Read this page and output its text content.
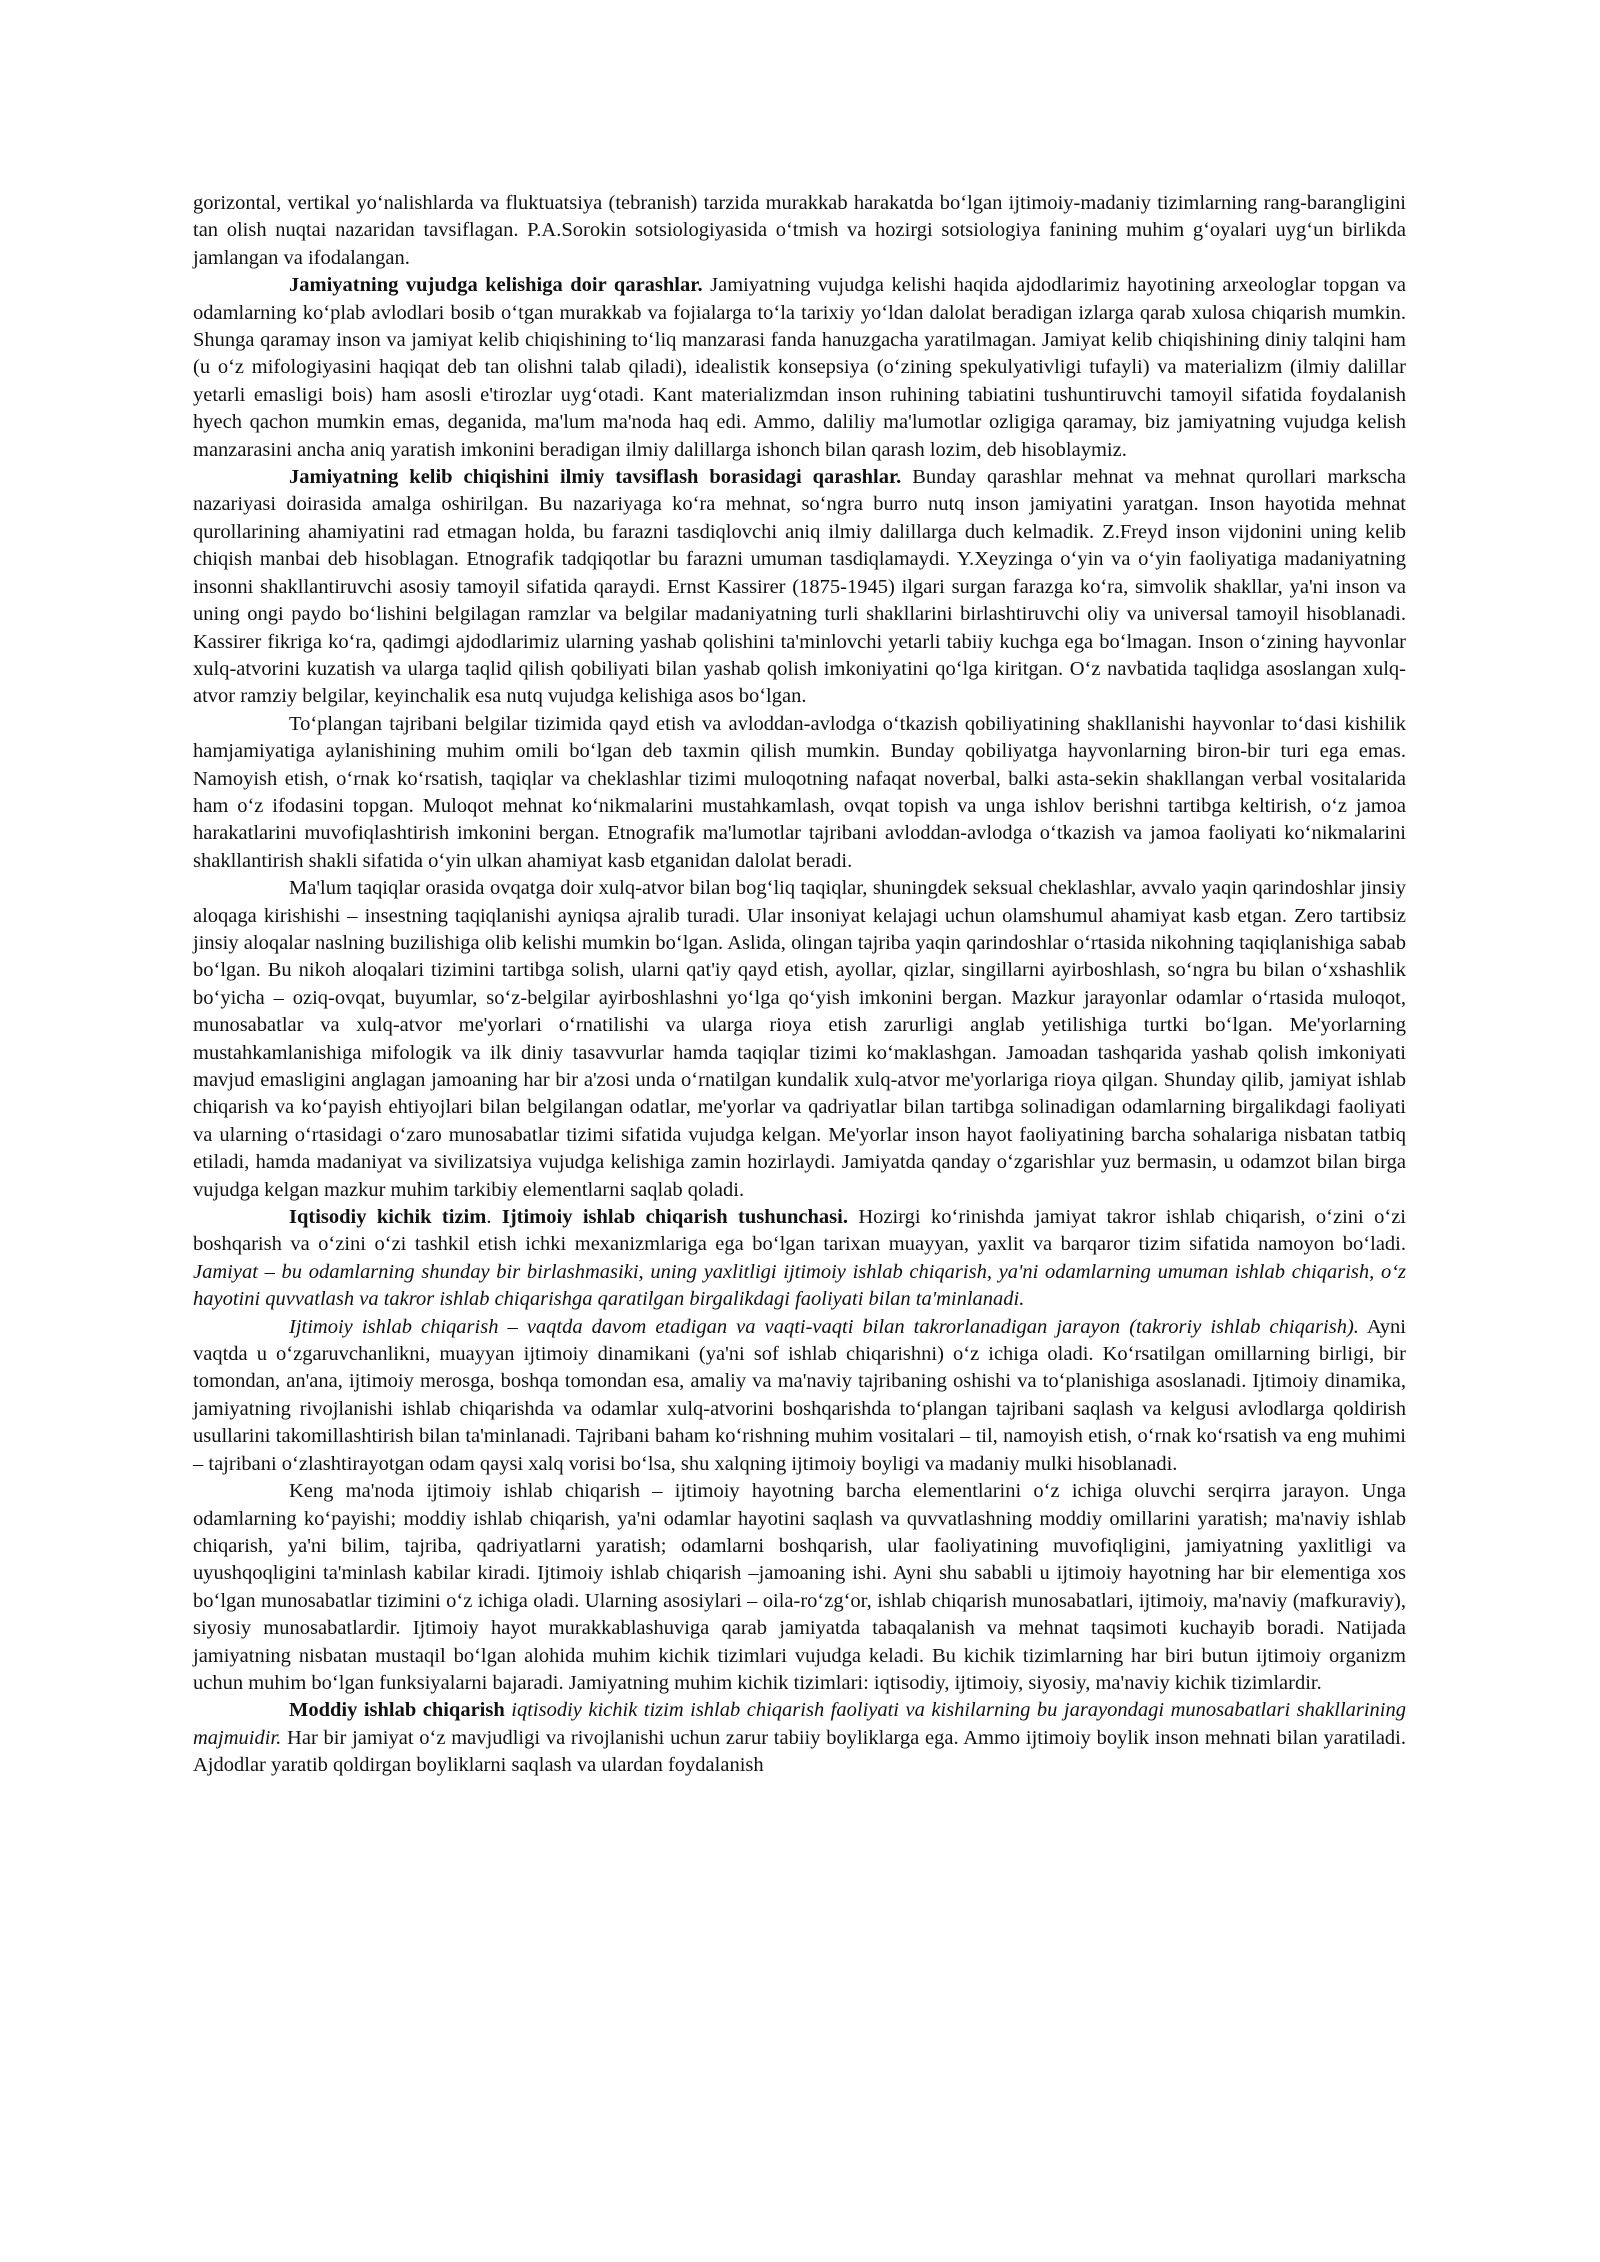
gorizontal, vertikal yo‘nalishlarda va fluktuatsiya (tebranish) tarzida murakkab harakatda bo‘lgan ijtimoiy-madaniy tizimlarning rang-barangligini tan olish nuqtai nazaridan tavsiflagan. P.A.Sorokin sotsiologiyasida o‘tmish va hozirgi sotsiologiya fanining muhim g‘oyalari uyg‘un birlikda jamlangan va ifodalangan.

Jamiyatning vujudga kelishiga doir qarashlar. Jamiyatning vujudga kelishi haqida ajdodlarimiz hayotining arxeologlar topgan va odamlarning ko‘plab avlodlari bosib o‘tgan murakkab va fojialarga to‘la tarixiy yo‘ldan dalolat beradigan izlarga qarab xulosa chiqarish mumkin. Shunga qaramay inson va jamiyat kelib chiqishining to‘liq manzarasi fanda hanuzgacha yaratilmagan. Jamiyat kelib chiqishining diniy talqini ham (u o‘z mifologiyasini haqiqat deb tan olishni talab qiladi), idealistik konsepsiya (o‘zining spekulyativligi tufayli) va materializm (ilmiy dalillar yetarli emasligi bois) ham asosli e'tirozlar uyg‘otadi. Kant materializmdan inson ruhining tabiatini tushuntiruvchi tamoyil sifatida foydalanish hyech qachon mumkin emas, deganida, ma'lum ma'noda haq edi. Ammo, daliliy ma'lumotlar ozligiga qaramay, biz jamiyatning vujudga kelish manzarasini ancha aniq yaratish imkonini beradigan ilmiy dalillarga ishonch bilan qarash lozim, deb hisoblaymiz.

Jamiyatning kelib chiqishini ilmiy tavsiflash borasidagi qarashlar. Bunday qarashlar mehnat va mehnat qurollari markscha nazariyasi doirasida amalga oshirilgan. Bu nazariyaga ko‘ra mehnat, so‘ngra burro nutq inson jamiyatini yaratgan. Inson hayotida mehnat qurollarining ahamiyatini rad etmagan holda, bu farazni tasdiqlovchi aniq ilmiy dalillarga duch kelmadik. Z.Freyd inson vijdonini uning kelib chiqish manbai deb hisoblagan. Etnografik tadqiqotlar bu farazni umuman tasdiqlamaydi. Y.Xeyzinga o‘yin va o‘yin faoliyatiga madaniyatning insonni shakllantiruvchi asosiy tamoyil sifatida qaraydi. Ernst Kassirer (1875-1945) ilgari surgan farazga ko‘ra, simvolik shakllar, ya'ni inson va uning ongi paydo bo‘lishini belgilagan ramzlar va belgilar madaniyatning turli shakllarini birlashtiruvchi oliy va universal tamoyil hisoblanadi. Kassirer fikriga ko‘ra, qadimgi ajdodlarimiz ularning yashab qolishini ta'minlovchi yetarli tabiiy kuchga ega bo‘lmagan. Inson o‘zining hayvonlar xulq-atvorini kuzatish va ularga taqlid qilish qobiliyati bilan yashab qolish imkoniyatini qo‘lga kiritgan. O‘z navbatida taqlidga asoslangan xulq-atvor ramziy belgilar, keyinchalik esa nutq vujudga kelishiga asos bo‘lgan.

To‘plangan tajribani belgilar tizimida qayd etish va avloddan-avlodga o‘tkazish qobiliyatining shakllanishi hayvonlar to‘dasi kishilik hamjamiyatiga aylanishining muhim omili bo‘lgan deb taxmin qilish mumkin. Bunday qobiliyatga hayvonlarning biron-bir turi ega emas. Namoyish etish, o‘rnak ko‘rsatish, taqiqlar va cheklashlar tizimi muloqotning nafaqat noverbal, balki asta-sekin shakllangan verbal vositalarida ham o‘z ifodasini topgan. Muloqot mehnat ko‘nikmalarini mustahkamlash, ovqat topish va unga ishlov berishni tartibga keltirish, o‘z jamoa harakatlarini muvofiqlashtirish imkonini bergan. Etnografik ma'lumotlar tajribani avloddan-avlodga o‘tkazish va jamoa faoliyati ko‘nikmalarini shakllantirish shakli sifatida o‘yin ulkan ahamiyat kasb etganidan dalolat beradi.

Ma'lum taqiqlar orasida ovqatga doir xulq-atvor bilan bog‘liq taqiqlar, shuningdek seksual cheklashlar, avvalo yaqin qarindoshlar jinsiy aloqaga kirishishi – insestning taqiqlanishi ayniqsa ajralib turadi. Ular insoniyat kelajagi uchun olamshumul ahamiyat kasb etgan. Zero tartibsiz jinsiy aloqalar naslning buzilishiga olib kelishi mumkin bo‘lgan. Aslida, olingan tajriba yaqin qarindoshlar o‘rtasida nikohning taqiqlanishiga sabab bo‘lgan. Bu nikoh aloqalari tizimini tartibga solish, ularni qat'iy qayd etish, ayollar, qizlar, singillarni ayirboshlash, so‘ngra bu bilan o‘xshashlik bo‘yicha – oziq-ovqat, buyumlar, so‘z-belgilar ayirboshlashni yo‘lga qo‘yish imkonini bergan. Mazkur jarayonlar odamlar o‘rtasida muloqot, munosabatlar va xulq-atvor me'yorlari o‘rnatilishi va ularga rioya etish zarurligi anglab yetilishiga turtki bo‘lgan. Me'yorlarning mustahkamlanishiga mifologik va ilk diniy tasavvurlar hamda taqiqlar tizimi ko‘maklashgan. Jamoadan tashqarida yashab qolish imkoniyati mavjud emasligini anglagan jamoaning har bir a'zosi unda o‘rnatilgan kundalik xulq-atvor me'yorlariga rioya qilgan. Shunday qilib, jamiyat ishlab chiqarish va ko‘payish ehtiyojlari bilan belgilangan odatlar, me'yorlar va qadriyatlar bilan tartibga solinadigan odamlarning birgalikdagi faoliyati va ularning o‘rtasidagi o‘zaro munosabatlar tizimi sifatida vujudga kelgan. Me'yorlar inson hayot faoliyatining barcha sohalariga nisbatan tatbiq etiladi, hamda madaniyat va sivilizatsiya vujudga kelishiga zamin hozirlaydi. Jamiyatda qanday o‘zgarishlar yuz bermasin, u odamzot bilan birga vujudga kelgan mazkur muhim tarkibiy elementlarni saqlab qoladi.

Iqtisodiy kichik tizim. Ijtimoiy ishlab chiqarish tushunchasi. Hozirgi ko‘rinishda jamiyat takror ishlab chiqarish, o‘zini o‘zi boshqarish va o‘zini o‘zi tashkil etish ichki mexanizmlariga ega bo‘lgan tarixan muayyan, yaxlit va barqaror tizim sifatida namoyon bo‘ladi. Jamiyat – bu odamlarning shunday bir birlashmasiki, uning yaxlitligi ijtimoiy ishlab chiqarish, ya'ni odamlarning umuman ishlab chiqarish, o‘z hayotini quvvatlash va takror ishlab chiqarishga qaratilgan birgalikdagi faoliyati bilan ta'minlanadi.

Ijtimoiy ishlab chiqarish – vaqtda davom etadigan va vaqti-vaqti bilan takrorlanadigan jarayon (takroriy ishlab chiqarish). Ayni vaqtda u o‘zgaruvchanlikni, muayyan ijtimoiy dinamikani (ya'ni sof ishlab chiqarishni) o‘z ichiga oladi. Ko‘rsatilgan omillarning birligi, bir tomondan, an'ana, ijtimoiy merosga, boshqa tomondan esa, amaliy va ma'naviy tajribaning oshishi va to‘planishiga asoslanadi. Ijtimoiy dinamika, jamiyatning rivojlanishi ishlab chiqarishda va odamlar xulq-atvorini boshqarishda to‘plangan tajribani saqlash va kelgusi avlodlarga qoldirish usullarini takomillashtirish bilan ta'minlanadi. Tajribani baham ko‘rishning muhim vositalari – til, namoyish etish, o‘rnak ko‘rsatish va eng muhimi – tajribani o‘zlashtirayotgan odam qaysi xalq vorisi bo‘lsa, shu xalqning ijtimoiy boyligi va madaniy mulki hisoblanadi.

Keng ma'noda ijtimoiy ishlab chiqarish – ijtimoiy hayotning barcha elementlarini o‘z ichiga oluvchi serqirra jarayon. Unga odamlarning ko‘payishi; moddiy ishlab chiqarish, ya'ni odamlar hayotini saqlash va quvvatlashning moddiy omillarini yaratish; ma'naviy ishlab chiqarish, ya'ni bilim, tajriba, qadriyatlarni yaratish; odamlarni boshqarish, ular faoliyatining muvofiqligini, jamiyatning yaxlitligi va uyushqoqligini ta'minlash kabilar kiradi. Ijtimoiy ishlab chiqarish –jamoaning ishi. Ayni shu sababli u ijtimoiy hayotning har bir elementiga xos bo‘lgan munosabatlar tizimini o‘z ichiga oladi. Ularning asosiylari – oila-ro‘zg‘or, ishlab chiqarish munosabatlari, ijtimoiy, ma'naviy (mafkuraviy), siyosiy munosabatlardir. Ijtimoiy hayot murakkablashuviga qarab jamiyatda tabaqalanish va mehnat taqsimoti kuchayib boradi. Natijada jamiyatning nisbatan mustaqil bo‘lgan alohida muhim kichik tizimlari vujudga keladi. Bu kichik tizimlarning har biri butun ijtimoiy organizm uchun muhim bo‘lgan funksiyalarni bajaradi. Jamiyatning muhim kichik tizimlari: iqtisodiy, ijtimoiy, siyosiy, ma'naviy kichik tizimlardir.

Moddiy ishlab chiqarish iqtisodiy kichik tizim ishlab chiqarish faoliyati va kishilarning bu jarayondagi munosabatlari shakllarining majmuidir. Har bir jamiyat o‘z mavjudligi va rivojlanishi uchun zarur tabiiy boyliklarga ega. Ammo ijtimoiy boylik inson mehnati bilan yaratiladi. Ajdodlar yaratib qoldirgan boyliklarni saqlash va ulardan foydalanish
